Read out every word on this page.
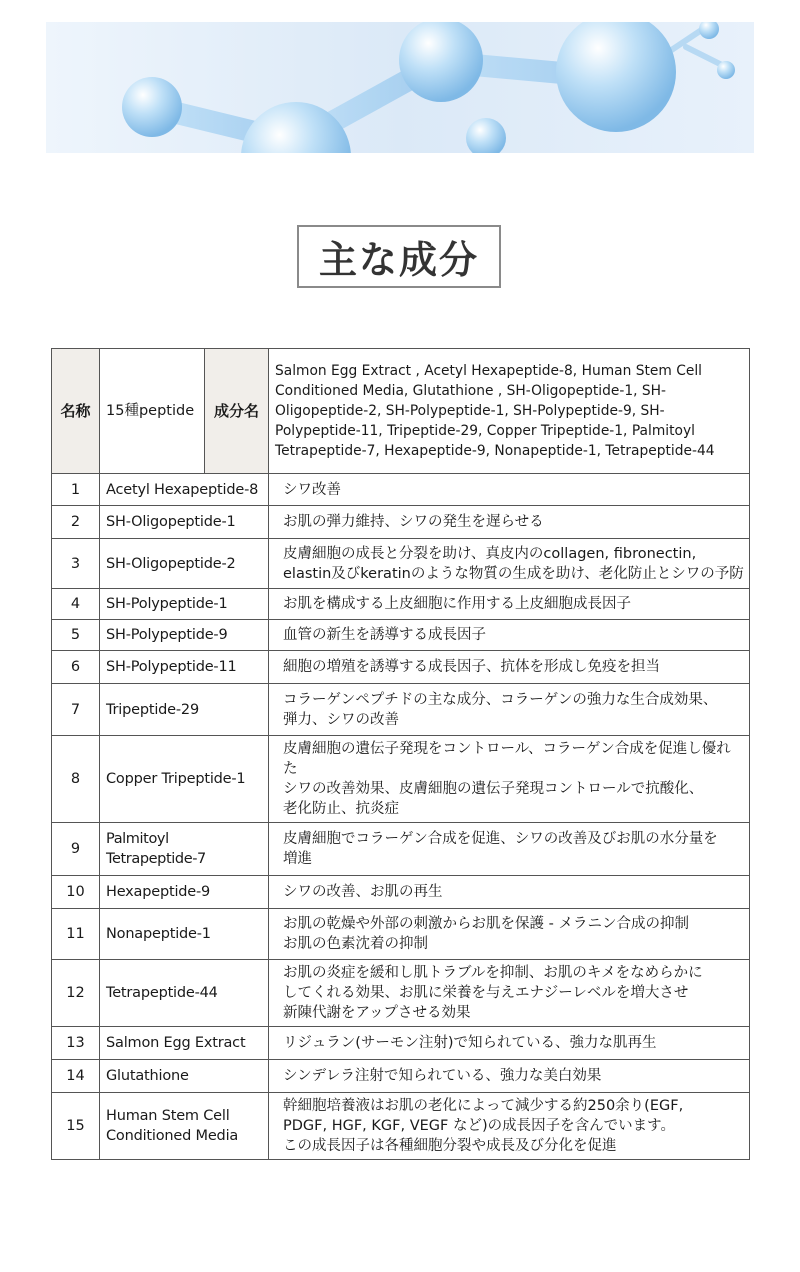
主な成分
名称	15種peptide	成分名	Salmon Egg Extract , Acetyl Hexapeptide-8, Human Stem Cell Conditioned Media, Glutathione , SH-Oligopeptide-1, SH-Oligopeptide-2, SH-Polypeptide-1, SH-Polypeptide-9, SH-Polypeptide-11, Tripeptide-29, Copper Tripeptide-1, Palmitoyl Tetrapeptide-7, Hexapeptide-9, Nonapeptide-1, Tetrapeptide-44
1	Acetyl Hexapeptide-8		シワ改善

2	SH-Oligopeptide-1		お肌の弾力維持、シワの発生を遅らせる

3	SH-Oligopeptide-2		皮膚細胞の成長と分裂を助け、真皮内のcollagen, fibronectin,
elastin及びkeratinのような物質の生成を助け、老化防止とシワの予防

4	SH-Polypeptide-1		お肌を構成する上皮細胞に作用する上皮細胞成長因子

5	SH-Polypeptide-9		血管の新生を誘導する成長因子

6	SH-Polypeptide-11		細胞の増殖を誘導する成長因子、抗体を形成し免疫を担当

7	Tripeptide-29		コラーゲンペプチドの主な成分、コラーゲンの強力な生合成効果、
弾力、シワの改善

8	Copper Tripeptide-1		皮膚細胞の遺伝子発現をコントロール、コラーゲン合成を促進し優れた
シワの改善効果、皮膚細胞の遺伝子発現コントロールで抗酸化、
老化防止、抗炎症

9	Palmitoyl Tetrapeptide-7		皮膚細胞でコラーゲン合成を促進、シワの改善及びお肌の水分量を
増進

10	Hexapeptide-9		シワの改善、お肌の再生

11	Nonapeptide-1		お肌の乾燥や外部の刺激からお肌を保護 - メラニン合成の抑制
お肌の色素沈着の抑制

12	Tetrapeptide-44		お肌の炎症を緩和し肌トラブルを抑制、お肌のキメをなめらかに
してくれる効果、お肌に栄養を与えエナジーレベルを増大させ
新陳代謝をアップさせる効果

13	Salmon Egg Extract		リジュラン(サーモン注射)で知られている、強力な肌再生

14	Glutathione		シンデレラ注射で知られている、強力な美白効果

15	Human Stem Cell Conditioned Media		幹細胞培養液はお肌の老化によって減少する約250余り(EGF,
PDGF, HGF, KGF, VEGF など)の成長因子を含んでいます。
この成長因子は各種細胞分裂や成長及び分化を促進
